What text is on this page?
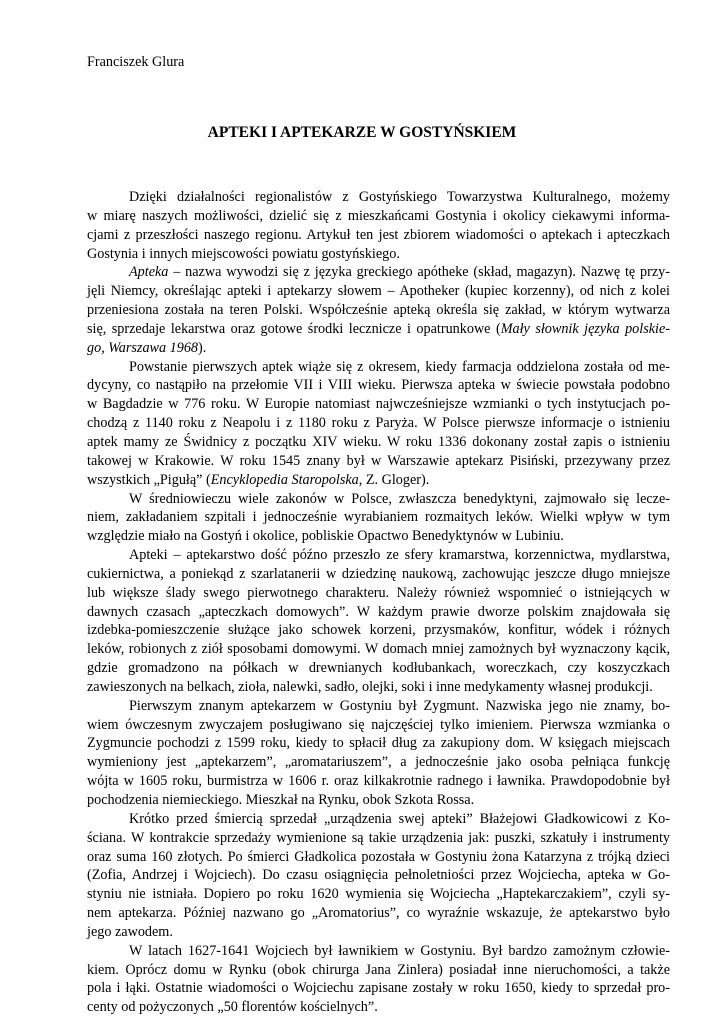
Franciszek Glura
APTEKI I APTEKARZE W GOSTYŃSKIEM
Dzięki działalności regionalistów z Gostyńskiego Towarzystwa Kulturalnego, możemy
w miarę naszych możliwości, dzielić się z mieszkańcami Gostynia i okolicy ciekawymi informa-
cjami z przeszłości naszego regionu. Artykuł ten jest zbiorem wiadomości o aptekach i apteczkach
Gostynia i innych miejscowości powiatu gostyńskiego.
Apteka – nazwa wywodzi się z języka greckiego apótheke (skład, magazyn). Nazwę tę przy-
jęli Niemcy, określając apteki i aptekarzy słowem – Apotheker (kupiec korzenny), od nich z kolei
przeniesiona została na teren Polski. Współcześnie apteką określa się zakład, w którym wytwarza
się, sprzedaje lekarstwa oraz gotowe środki lecznicze i opatrunkowe (Mały słownik języka polskie-
go, Warszawa 1968).
Powstanie pierwszych aptek wiąże się z okresem, kiedy farmacja oddzielona została od me-
dycyny, co nastąpiło na przełomie VII i VIII wieku. Pierwsza apteka w świecie powstała podobno
w Bagdadzie w 776 roku. W Europie natomiast najwcześniejsze wzmianki o tych instytucjach po-
chodzą z 1140 roku z Neapolu i z 1180 roku z Paryża. W Polsce pierwsze informacje o istnieniu
aptek mamy ze Świdnicy z początku XIV wieku. W roku 1336 dokonany został zapis o istnieniu
takowej w Krakowie. W roku 1545 znany był w Warszawie aptekarz Pisiński, przezywany przez
wszystkich „Pigułą” (Encyklopedia Staropolska, Z. Gloger).
W średniowieczu wiele zakonów w Polsce, zwłaszcza benedyktyni, zajmowało się lecze-
niem, zakładaniem szpitali i jednocześnie wyrabianiem rozmaitych leków. Wielki wpływ w tym
względzie miało na Gostyń i okolice, pobliskie Opactwo Benedyktynów w Lubiniu.
Apteki – aptekarstwo dość późno przeszło ze sfery kramarstwa, korzennictwa, mydlarstwa,
cukiernictwa, a poniekąd z szarlatanerii w dziedzinę naukową, zachowując jeszcze długo mniejsze
lub większe ślady swego pierwotnego charakteru. Należy również wspomnieć o istniejących w
dawnych czasach „apteczkach domowych”. W każdym prawie dworze polskim znajdowała się
izdebka-pomieszczenie służące jako schowek korzeni, przysmaków, konfitur, wódek i różnych
leków, robionych z ziół sposobami domowymi. W domach mniej zamożnych był wyznaczony kącik,
gdzie gromadzono na półkach w drewnianych kodłubankach, woreczkach, czy koszyczkach
zawieszonych na belkach, zioła, nalewki, sadło, olejki, soki i inne medykamenty własnej produkcji.
Pierwszym znanym aptekarzem w Gostyniu był Zygmunt. Nazwiska jego nie znamy, bo-
wiem ówczesnym zwyczajem posługiwano się najczęściej tylko imieniem. Pierwsza wzmianka o
Zygmuncie pochodzi z 1599 roku, kiedy to spłacił dług za zakupiony dom. W księgach miejscach
wymieniony jest „aptekarzem”, „aromatariuszem”, a jednocześnie jako osoba pełniąca funkcję
wójta w 1605 roku, burmistrza w 1606 r. oraz kilkakrotnie radnego i ławnika. Prawdopodobnie był
pochodzenia niemieckiego. Mieszkał na Rynku, obok Szkota Rossa.
Krótko przed śmiercią sprzedał „urządzenia swej apteki” Błażejowi Gładkowicowi z Ko-
ściana. W kontrakcie sprzedaży wymienione są takie urządzenia jak: puszki, szkatuły i instrumenty
oraz suma 160 złotych. Po śmierci Gładkolica pozostała w Gostyniu żona Katarzyna z trójką dzieci
(Zofia, Andrzej i Wojciech). Do czasu osiągnięcia pełnoletniości przez Wojciecha, apteka w Go-
styniu nie istniała. Dopiero po roku 1620 wymienia się Wojciecha „Haptekarczakiem”, czyli sy-
nem aptekarza. Później nazwano go „Aromatorius”, co wyraźnie wskazuje, że aptekarstwo było
jego zawodem.
W latach 1627-1641 Wojciech był ławnikiem w Gostyniu. Był bardzo zamożnym człowie-
kiem. Oprócz domu w Rynku (obok chirurga Jana Zinlera) posiadał inne nieruchomości, a także
pola i łąki. Ostatnie wiadomości o Wojciechu zapisane zostały w roku 1650, kiedy to sprzedał pro-
centy od pożyczonych „50 florentów kościelnych”.
